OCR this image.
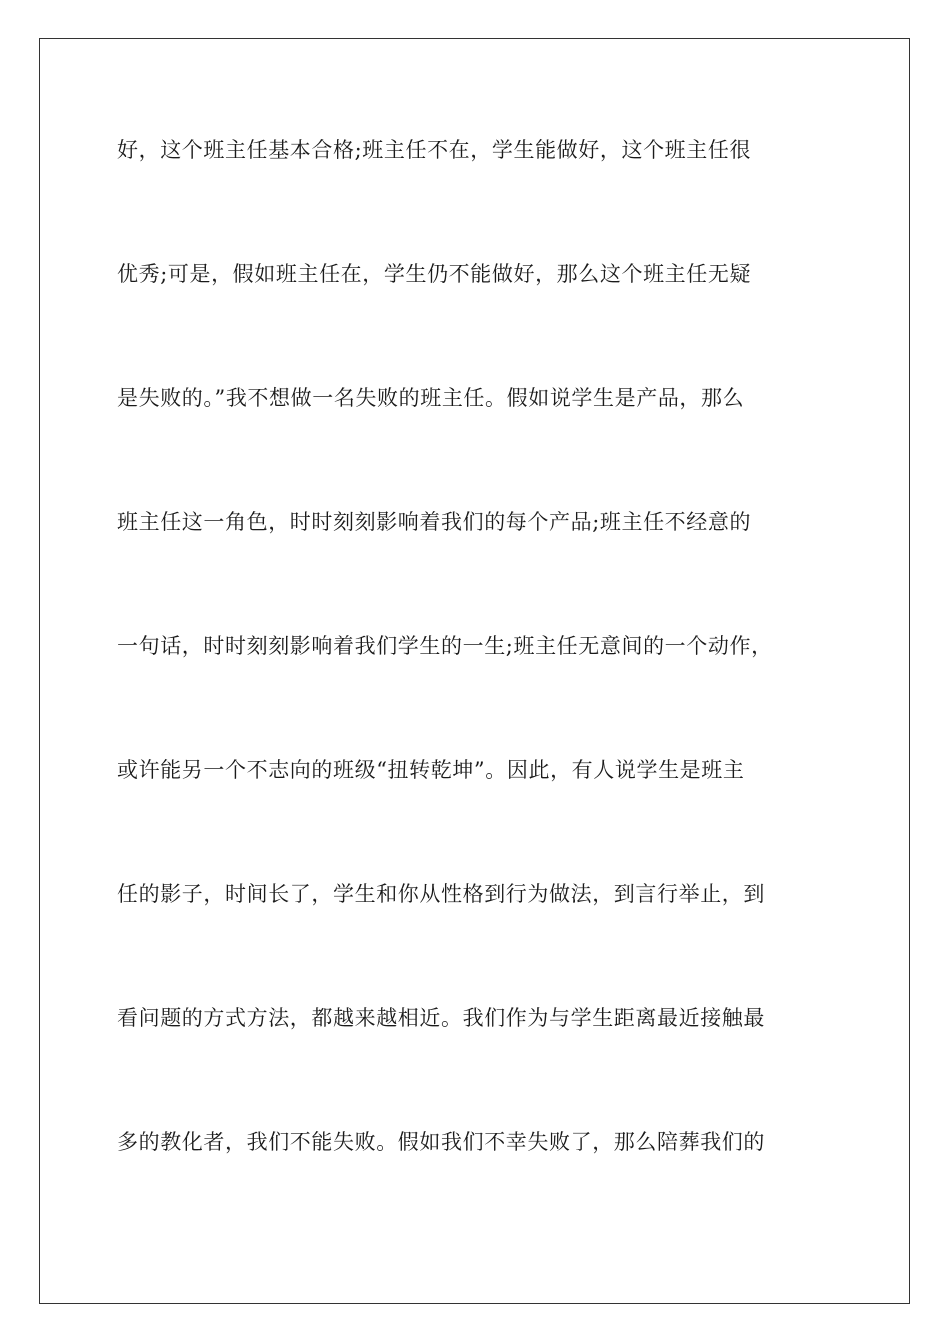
好，这个班主任基本合格;班主任不在，学生能做好，这个班主任很
优秀;可是，假如班主任在，学生仍不能做好，那么这个班主任无疑
是失败的。”我不想做一名失败的班主任。假如说学生是产品，那么
班主任这一角色，时时刻刻影响着我们的每个产品;班主任不经意的
一句话，时时刻刻影响着我们学生的一生;班主任无意间的一个动作，
或许能另一个不志向的班级“扭转乾坤”。因此，有人说学生是班主
任的影子，时间长了，学生和你从性格到行为做法，到言行举止，到
看问题的方式方法，都越来越相近。我们作为与学生距离最近接触最
多的教化者，我们不能失败。假如我们不幸失败了，那么陪葬我们的
